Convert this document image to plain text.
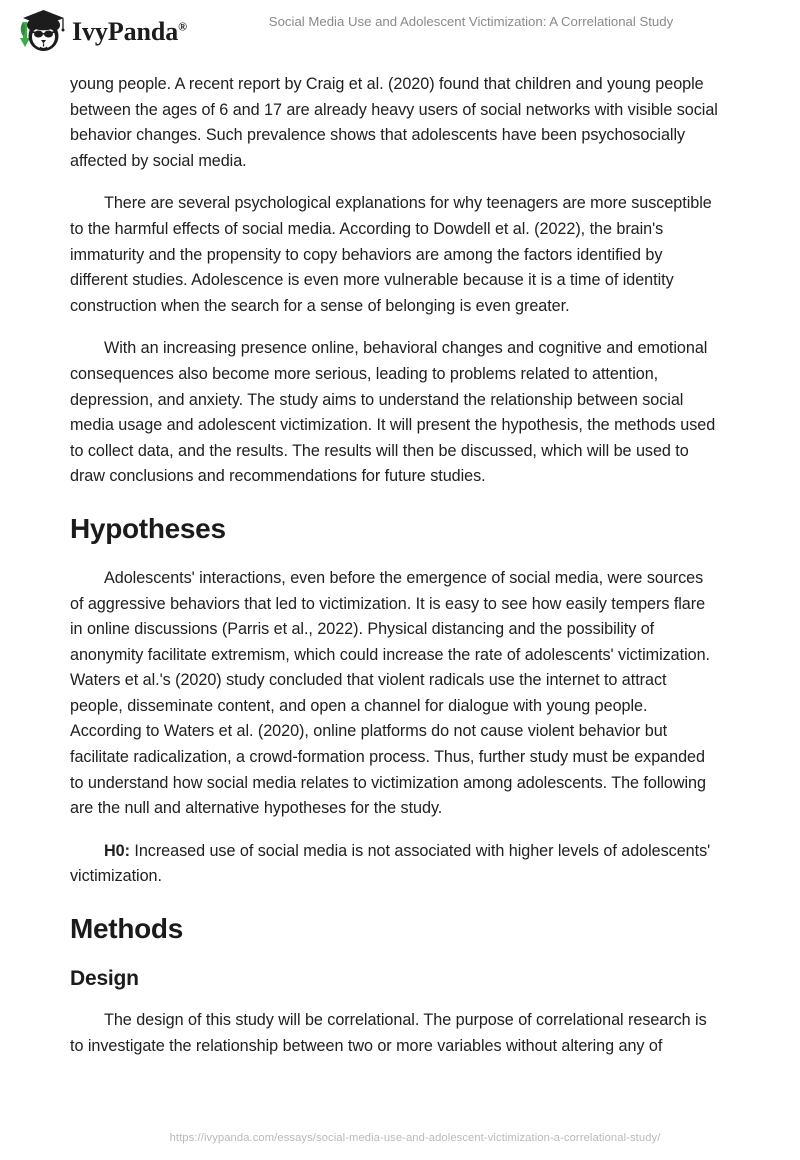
IvyPanda®	Social Media Use and Adolescent Victimization: A Correlational Study

young people. A recent report by Craig et al. (2020) found that children and young people between the ages of 6 and 17 are already heavy users of social networks with visible social behavior changes. Such prevalence shows that adolescents have been psychosocially affected by social media.

There are several psychological explanations for why teenagers are more susceptible to the harmful effects of social media. According to Dowdell et al. (2022), the brain's immaturity and the propensity to copy behaviors are among the factors identified by different studies. Adolescence is even more vulnerable because it is a time of identity construction when the search for a sense of belonging is even greater.

With an increasing presence online, behavioral changes and cognitive and emotional consequences also become more serious, leading to problems related to attention, depression, and anxiety. The study aims to understand the relationship between social media usage and adolescent victimization. It will present the hypothesis, the methods used to collect data, and the results. The results will then be discussed, which will be used to draw conclusions and recommendations for future studies.

Hypotheses

Adolescents' interactions, even before the emergence of social media, were sources of aggressive behaviors that led to victimization. It is easy to see how easily tempers flare in online discussions (Parris et al., 2022). Physical distancing and the possibility of anonymity facilitate extremism, which could increase the rate of adolescents' victimization. Waters et al.'s (2020) study concluded that violent radicals use the internet to attract people, disseminate content, and open a channel for dialogue with young people. According to Waters et al. (2020), online platforms do not cause violent behavior but facilitate radicalization, a crowd-formation process. Thus, further study must be expanded to understand how social media relates to victimization among adolescents. The following are the null and alternative hypotheses for the study.

H0: Increased use of social media is not associated with higher levels of adolescents' victimization.

Methods
Design

The design of this study will be correlational. The purpose of correlational research is to investigate the relationship between two or more variables without altering any of

https://ivypanda.com/essays/social-media-use-and-adolescent-victimization-a-correlational-study/
